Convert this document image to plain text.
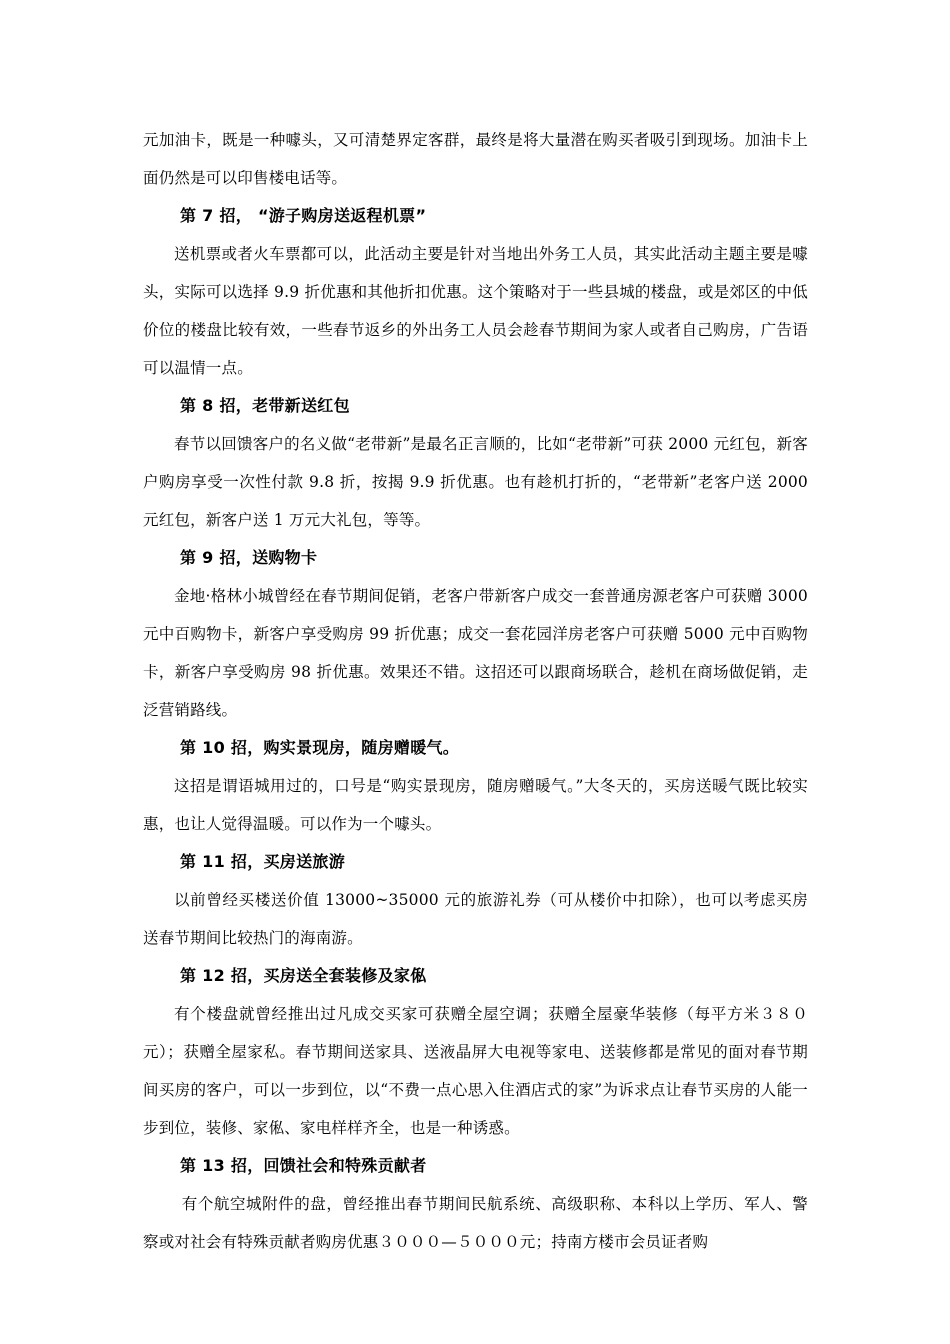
元加油卡，既是一种噱头，又可清楚界定客群，最终是将大量潜在购买者吸引到现场。加油卡上面仍然是可以印售楼电话等。

第 7 招， “游子购房送返程机票”

送机票或者火车票都可以，此活动主要是针对当地出外务工人员，其实此活动主题主要是噱头，实际可以选择 9.9 折优惠和其他折扣优惠。这个策略对于一些县城的楼盘，或是郊区的中低价位的楼盘比较有效，一些春节返乡的外出务工人员会趁春节期间为家人或者自己购房，广告语可以温情一点。

第 8 招，老带新送红包

春节以回馈客户的名义做“老带新”是最名正言顺的，比如“老带新”可获 2000 元红包，新客户购房享受一次性付款 9.8 折，按揭 9.9 折优惠。也有趁机打折的，“老带新”老客户送 2000 元红包，新客户送 1 万元大礼包，等等。

第 9 招，送购物卡

金地·格林小城曾经在春节期间促销，老客户带新客户成交一套普通房源老客户可获赠 3000 元中百购物卡，新客户享受购房 99 折优惠；成交一套花园洋房老客户可获赠 5000 元中百购物卡，新客户享受购房 98 折优惠。效果还不错。这招还可以跟商场联合，趁机在商场做促销，走泛营销路线。

第 10 招，购实景现房，随房赠暖气。

这招是谓语城用过的，口号是“购实景现房，随房赠暖气。”大冬天的，买房送暖气既比较实惠，也让人觉得温暖。可以作为一个噱头。

第 11 招，买房送旅游

以前曾经买楼送价值 13000~35000 元的旅游礼券（可从楼价中扣除），也可以考虑买房送春节期间比较热门的海南游。

第 12 招，买房送全套装修及家俬

有个楼盘就曾经推出过凡成交买家可获赠全屋空调；获赠全屋豪华装修（每平方米３８０元）；获赠全屋家私。春节期间送家具、送液晶屏大电视等家电、送装修都是常见的面对春节期间买房的客户，可以一步到位，以“不费一点心思入住酒店式的家”为诉求点让春节买房的人能一步到位，装修、家俬、家电样样齐全，也是一种诱惑。

第 13 招，回馈社会和特殊贡献者

有个航空城附件的盘，曾经推出春节期间民航系统、高级职称、本科以上学历、军人、警察或对社会有特殊贡献者购房优惠３０００—５０００元；持南方楼市会员证者购
